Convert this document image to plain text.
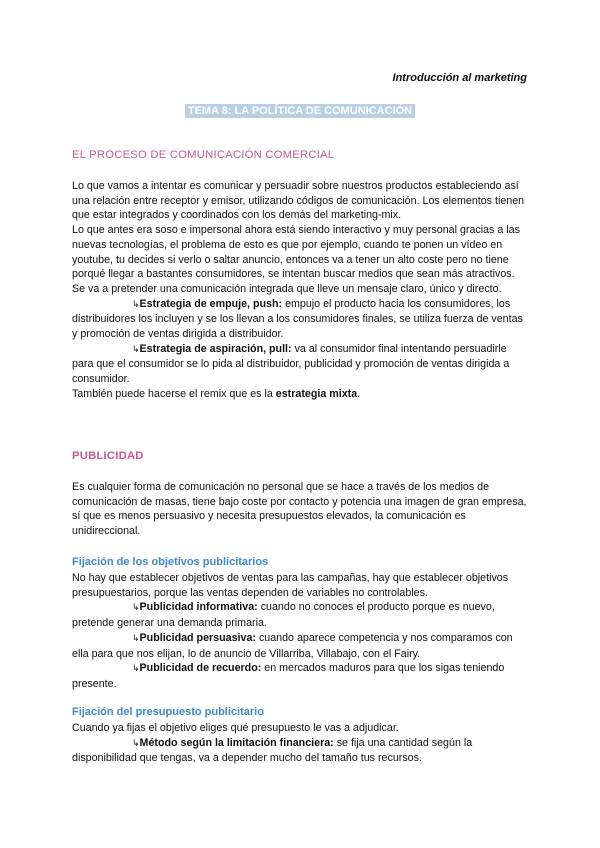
Introducción al marketing
TEMA 8: LA POLÍTICA DE COMUNICACIÓN
EL PROCESO DE COMUNICACIÓN COMERCIAL

Lo que vamos a intentar es comunicar y persuadir sobre nuestros productos estableciendo así una relación entre receptor y emisor, utilizando códigos de comunicación. Los elementos tienen que estar integrados y coordinados con los demás del marketing-mix.

Lo que antes era soso e impersonal ahora está siendo interactivo y muy personal gracias a las nuevas tecnologías, el problema de esto es que por ejemplo, cuando te ponen un vídeo en youtube, tu decides si verlo o saltar anuncio, entonces va a tener un alto coste pero no tiene porqué llegar a bastantes consumidores, se intentan buscar medios que sean más atractivos.

Se va a pretender una comunicación integrada que lleve un mensaje claro, único y directo.

↳Estrategia de empuje, push: empujo el producto hacia los consumidores, los distribuidores los incluyen y se los llevan a los consumidores finales, se utiliza fuerza de ventas y promoción de ventas dirigida a distribuidor.

↳Estrategia de aspiración, pull: va al consumidor final intentando persuadirle para que el consumidor se lo pida al distribuidor, publicidad y promoción de ventas dirigida a consumidor.

También puede hacerse el remix que es la estrategia mixta.

PUBLICIDAD

Es cualquier forma de comunicación no personal que se hace a través de los medios de comunicación de masas, tiene bajo coste por contacto y potencia una imagen de gran empresa, sí que es menos persuasivo y necesita presupuestos elevados, la comunicación es unidireccional.

Fijación de los objetivos publicitarios

No hay que establecer objetivos de ventas para las campañas, hay que establecer objetivos presupuestarios, porque las ventas dependen de variables no controlables.

↳Publicidad informativa: cuando no conoces el producto porque es nuevo, pretende generar una demanda primaria.

↳Publicidad persuasiva: cuando aparece competencia y nos comparamos con ella para que nos elijan, lo de anuncio de Villarriba, Villabajo, con el Fairy.

↳Publicidad de recuerdo: en mercados maduros para que los sigas teniendo presente.

Fijación del presupuesto publicitario

Cuando ya fijas el objetivo eliges qué presupuesto le vas a adjudicar.

↳Método según la limitación financiera: se fija una cantidad según la disponibilidad que tengas, va a depender mucho del tamaño tus recursos.
